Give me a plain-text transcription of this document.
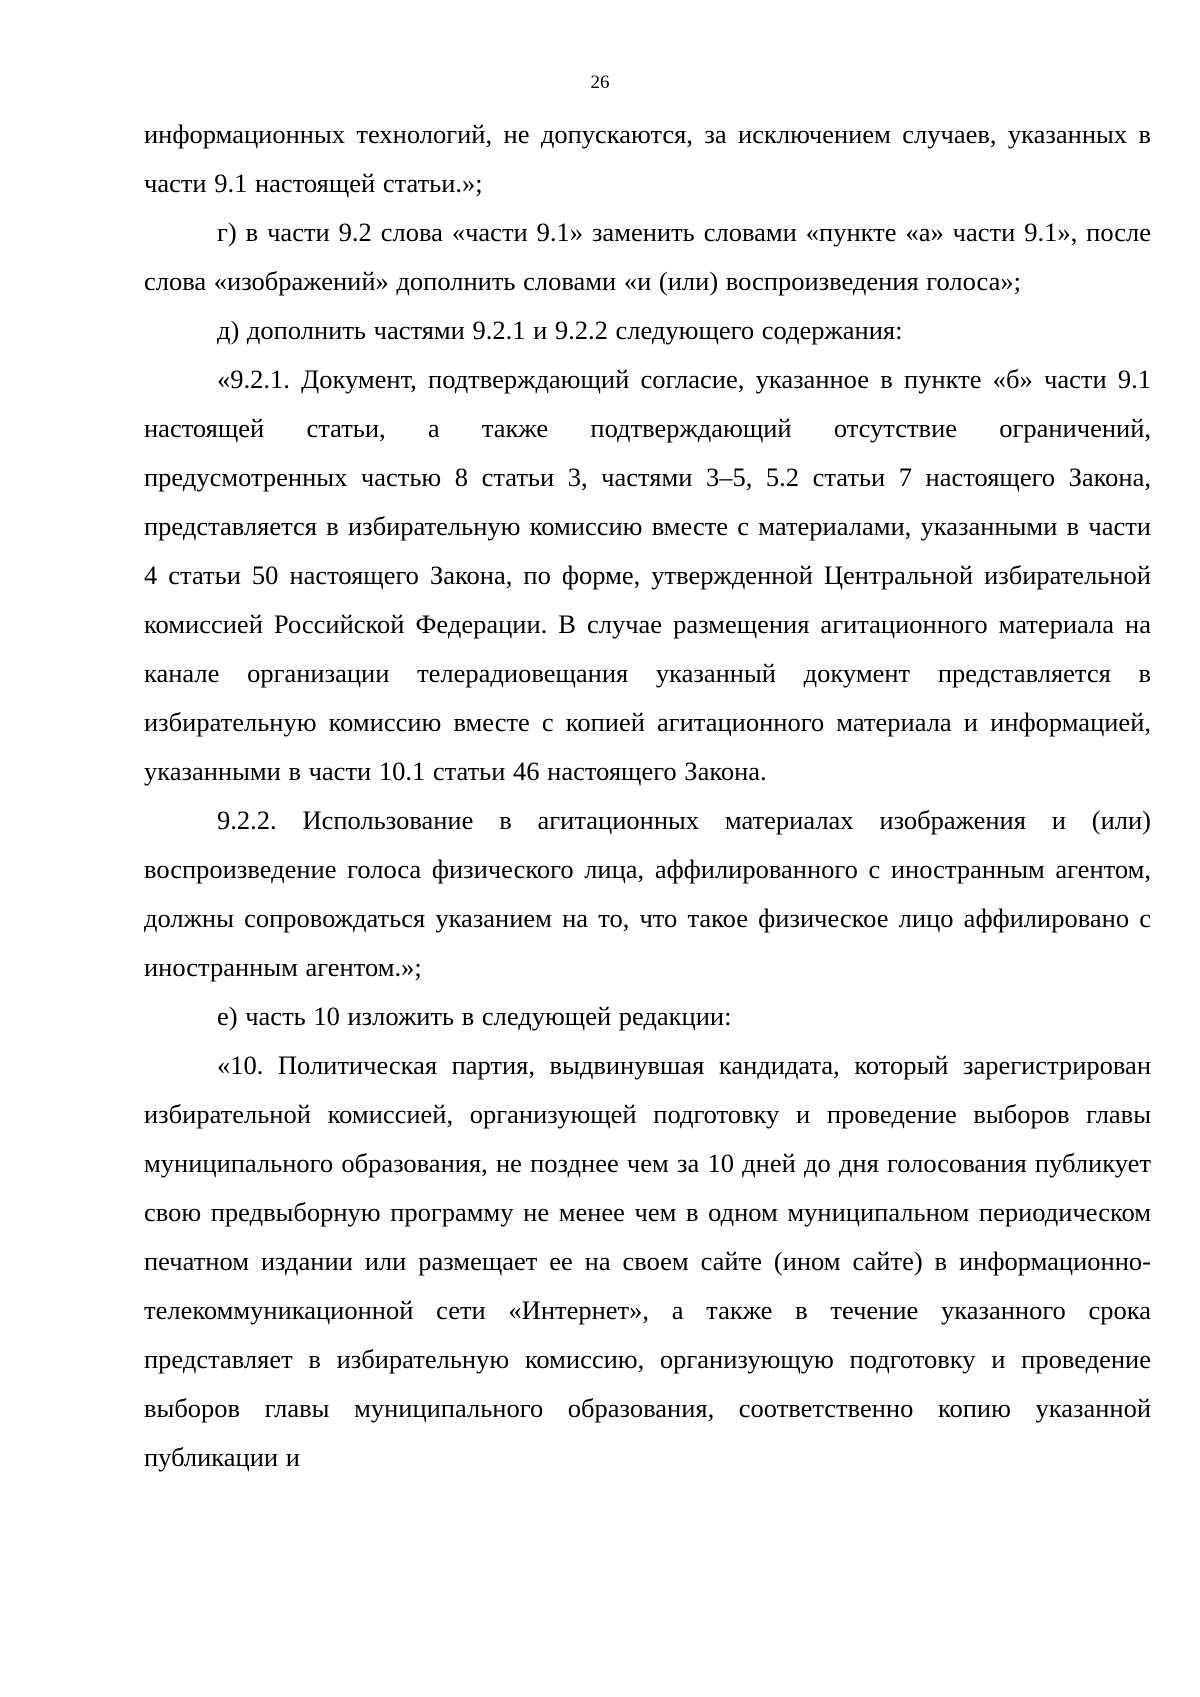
26

информационных технологий, не допускаются, за исключением случаев, указанных в части 9.1 настоящей статьи.»;

г) в части 9.2 слова «части 9.1» заменить словами «пункте «а» части 9.1», после слова «изображений» дополнить словами «и (или) воспроизведения голоса»;

д) дополнить частями 9.2.1 и 9.2.2 следующего содержания:

«9.2.1. Документ, подтверждающий согласие, указанное в пункте «б» части 9.1 настоящей статьи, а также подтверждающий отсутствие ограничений, предусмотренных частью 8 статьи 3, частями 3–5, 5.2 статьи 7 настоящего Закона, представляется в избирательную комиссию вместе с материалами, указанными в части 4 статьи 50 настоящего Закона, по форме, утвержденной Центральной избирательной комиссией Российской Федерации. В случае размещения агитационного материала на канале организации телерадиовещания указанный документ представляется в избирательную комиссию вместе с копией агитационного материала и информацией, указанными в части 10.1 статьи 46 настоящего Закона.

9.2.2. Использование в агитационных материалах изображения и (или) воспроизведение голоса физического лица, аффилированного с иностранным агентом, должны сопровождаться указанием на то, что такое физическое лицо аффилировано с иностранным агентом.»;

е) часть 10 изложить в следующей редакции:

«10. Политическая партия, выдвинувшая кандидата, который зарегистрирован избирательной комиссией, организующей подготовку и проведение выборов главы муниципального образования, не позднее чем за 10 дней до дня голосования публикует свою предвыборную программу не менее чем в одном муниципальном периодическом печатном издании или размещает ее на своем сайте (ином сайте) в информационно-телекоммуникационной сети «Интернет», а также в течение указанного срока представляет в избирательную комиссию, организующую подготовку и проведение выборов главы муниципального образования, соответственно копию указанной публикации и
